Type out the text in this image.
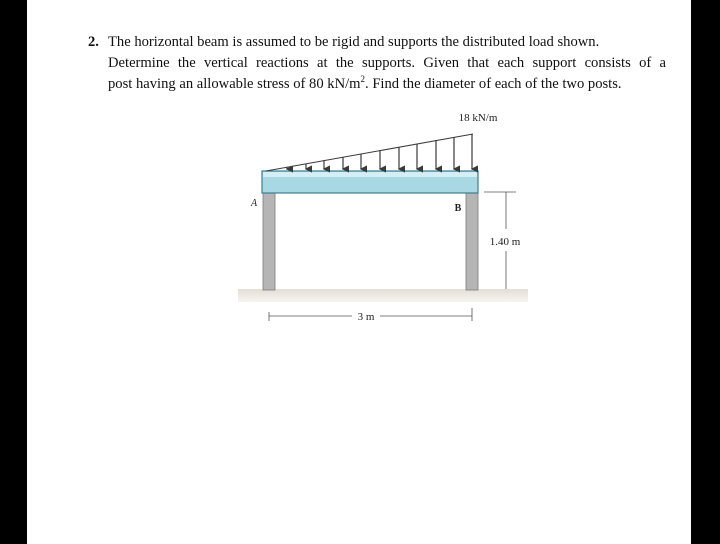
2. The horizontal beam is assumed to be rigid and supports the distributed load shown.
Determine the vertical reactions at the supports. Given that each support consists of a
post having an allowable stress of 80 $kN/m^2$. Find the diameter of each of the two posts.
18 kN/m
A	B
1.40 m
3 m
